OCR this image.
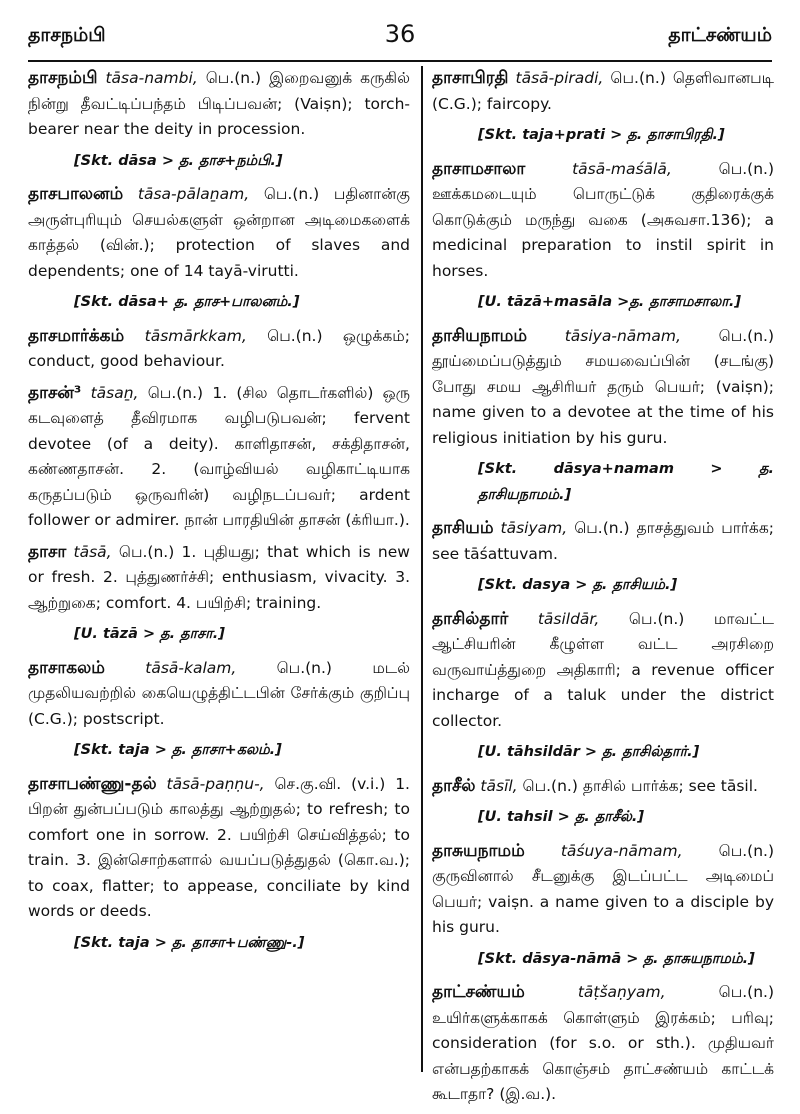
தாசநம்பி	36	தாட்சண்யம்
தாசநம்பி tāsa-nambi, பெ.(n.) இறைவனுக் கருகில் நின்று தீவட்டிப்பந்தம் பிடிப்பவன்; (Vaiṣn); torch-bearer near the deity in procession.
[Skt. dāsa > த. தாச+நம்பி.]
தாசபாலனம் tāsa-pālaṉam, பெ.(n.) பதினான்கு அருள்புரியும் செயல்களுள் ஒன்றான அடிமைகளைக் காத்தல் (வின்.); protection of slaves and dependents; one of 14 tayā-virutti.
[Skt. dāsa+ த. தாச+பாலனம்.]
தாசமார்க்கம் tāsmārkkam, பெ.(n.) ஒழுக்கம்; conduct, good behaviour.
தாசன்³ tāsaṉ, பெ.(n.) 1. (சில தொடர்களில்) ஒரு கடவுளைத் தீவிரமாக வழிபடுபவன்; fervent devotee (of a deity). காளிதாசன், சக்திதாசன், கண்ணதாசன். 2. (வாழ்வியல் வழிகாட்டியாக கருதப்படும் ஒருவரின்) வழிநடப்பவர்; ardent follower or admirer. நான் பாரதியின் தாசன் (க்ரியா.).
தாசா tāsā, பெ.(n.) 1. புதியது; that which is new or fresh. 2. புத்துணர்ச்சி; enthusiasm, vivacity. 3. ஆற்றுகை; comfort. 4. பயிற்சி; training.
[U. tāzā > த. தாசா.]
தாசாகலம் tāsā-kalam, பெ.(n.) மடல் முதலியவற்றில் கையெழுத்திட்டபின் சேர்க்கும் குறிப்பு (C.G.); postscript.
[Skt. taja > த. தாசா+கலம்.]
தாசாபண்ணு-தல் tāsā-paṇṇu-, செ.கு.வி. (v.i.) 1. பிறன் துன்பப்படும் காலத்து ஆற்றுதல்; to refresh; to comfort one in sorrow. 2. பயிற்சி செய்வித்தல்; to train. 3. இன்சொற்களால் வயப்படுத்துதல் (கொ.வ.); to coax, flatter; to appease, conciliate by kind words or deeds.
[Skt. taja > த. தாசா+பண்ணு-.]
தாசாபிரதி tāsā-piradi, பெ.(n.) தெளிவானபடி (C.G.); faircopy.
[Skt. taja+prati > த. தாசாபிரதி.]
தாசாமசாலா tāsā-maśālā, பெ.(n.) ஊக்கமடையும் பொருட்டுக் குதிரைக்குக் கொடுக்கும் மருந்து வகை (அசுவசா.136); a medicinal preparation to instil spirit in horses.
[U. tāzā+masāla >த. தாசாமசாலா.]
தாசியநாமம் tāsiya-nāmam, பெ.(n.) தூய்மைப்படுத்தும் சமயவைப்பின் (சடங்கு) போது சமய ஆசிரியர் தரும் பெயர்; (vaiṣn); name given to a devotee at the time of his religious initiation by his guru.
[Skt. dāsya+namam > த. தாசியநாமம்.]
தாசியம் tāsiyam, பெ.(n.) தாசத்துவம் பார்க்க; see tāśattuvam.
[Skt. dasya > த. தாசியம்.]
தாசில்தார் tāsildār, பெ.(n.) மாவட்ட ஆட்சியரின் கீழுள்ள வட்ட அரசிறை வருவாய்த்துறை அதிகாரி; a revenue officer incharge of a taluk under the district collector.
[U. tāhsildār > த. தாசில்தார்.]
தாசீல் tāsīl, பெ.(n.) தாசில் பார்க்க; see tāsil.
[U. tahsil > த. தாசீல்.]
தாசுயநாமம் tāśuya-nāmam, பெ.(n.) குருவினால் சீடனுக்கு இடப்பட்ட அடிமைப் பெயர்; vaiṣn. a name given to a disciple by his guru.
[Skt. dāsya-nāmā > த. தாசுயநாமம்.]
தாட்சண்யம் tāṭšaṇyam, பெ.(n.) உயிர்களுக்காகக் கொள்ளும் இரக்கம்; பரிவு; consideration (for s.o. or sth.). முதியவர் என்பதற்காகக் கொஞ்சம் தாட்சண்யம் காட்டக் கூடாதா? (இ.வ.).
